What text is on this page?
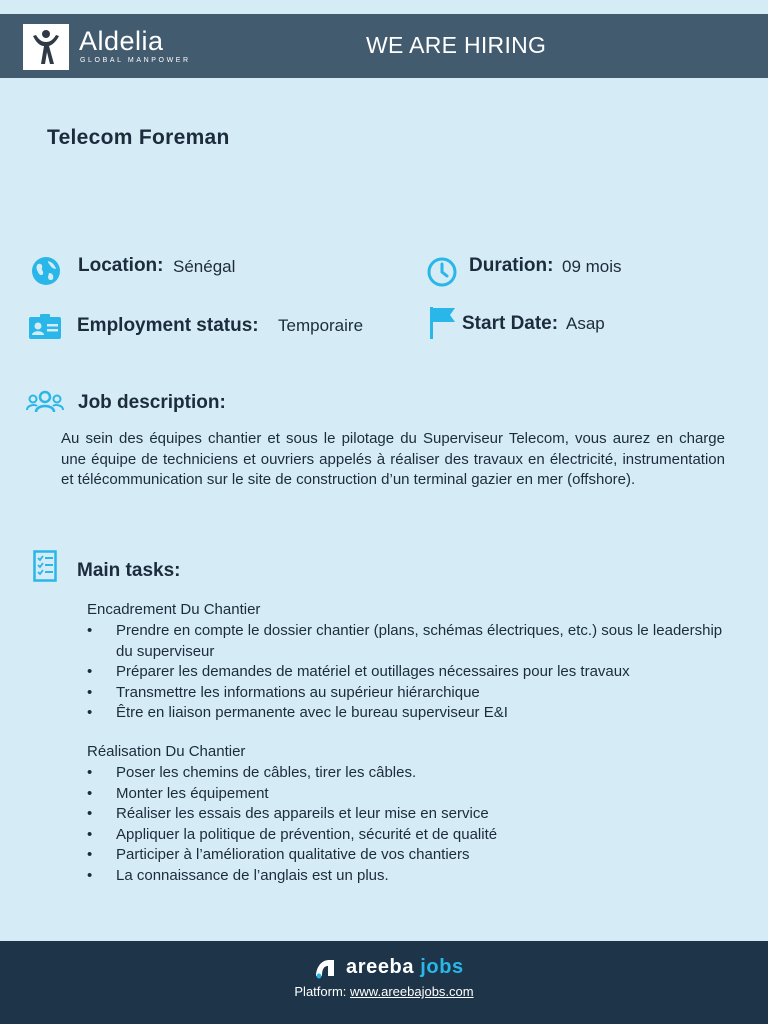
Aldelia
GLOBAL MANPOWER
WE ARE HIRING
Telecom Foreman
Location: Sénégal	Duration: 09 mois
Employment status: Temporaire	Start Date: Asap
Job description:
Au sein des équipes chantier et sous le pilotage du Superviseur Telecom, vous aurez en charge une équipe de techniciens et ouvriers appelés à réaliser des travaux en électricité, instrumentation et télécommunication sur le site de construction d’un terminal gazier en mer (offshore).
Main tasks:
Encadrement Du Chantier
• Prendre en compte le dossier chantier (plans, schémas électriques, etc.) sous le leadership du superviseur
• Préparer les demandes de matériel et outillages nécessaires pour les travaux
• Transmettre les informations au supérieur hiérarchique
• Être en liaison permanente avec le bureau superviseur E&I
Réalisation Du Chantier
• Poser les chemins de câbles, tirer les câbles.
• Monter les équipement
• Réaliser les essais des appareils et leur mise en service
• Appliquer la politique de prévention, sécurité et de qualité
• Participer à l’amélioration qualitative de vos chantiers
• La connaissance de l’anglais est un plus.
areeba jobs
Platform: www.areebajobs.com
